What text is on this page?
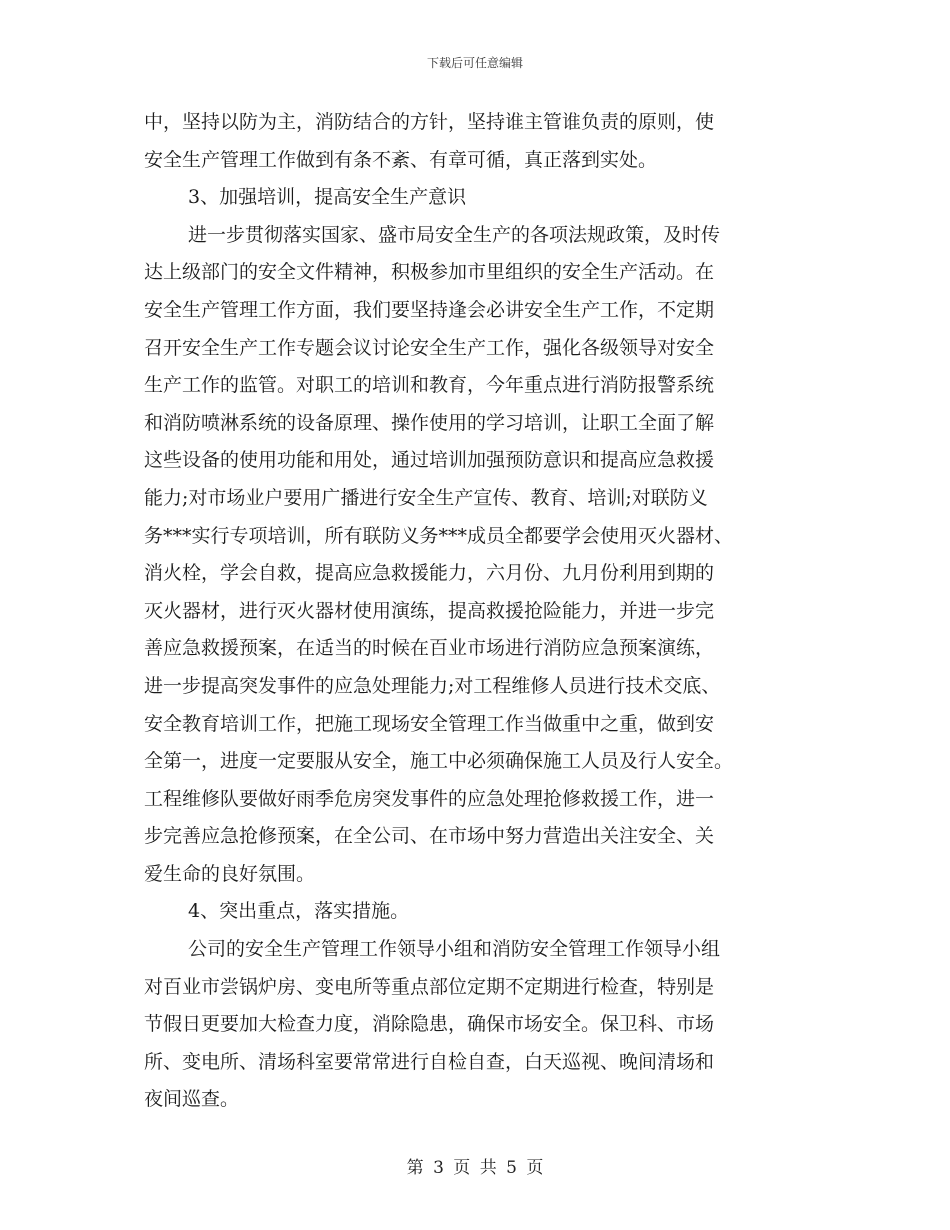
下载后可任意编辑
中，坚持以防为主，消防结合的方针，坚持谁主管谁负责的原则，使
安全生产管理工作做到有条不紊、有章可循，真正落到实处。
3、加强培训，提高安全生产意识
进一步贯彻落实国家、盛市局安全生产的各项法规政策，及时传
达上级部门的安全文件精神，积极参加市里组织的安全生产活动。在
安全生产管理工作方面，我们要坚持逢会必讲安全生产工作，不定期
召开安全生产工作专题会议讨论安全生产工作，强化各级领导对安全
生产工作的监管。对职工的培训和教育，今年重点进行消防报警系统
和消防喷淋系统的设备原理、操作使用的学习培训，让职工全面了解
这些设备的使用功能和用处，通过培训加强预防意识和提高应急救援
能力;对市场业户要用广播进行安全生产宣传、教育、培训;对联防义
务***实行专项培训，所有联防义务***成员全都要学会使用灭火器材、
消火栓，学会自救，提高应急救援能力，六月份、九月份利用到期的
灭火器材，进行灭火器材使用演练，提高救援抢险能力，并进一步完
善应急救援预案，在适当的时候在百业市场进行消防应急预案演练，
进一步提高突发事件的应急处理能力;对工程维修人员进行技术交底、
安全教育培训工作，把施工现场安全管理工作当做重中之重，做到安
全第一，进度一定要服从安全，施工中必须确保施工人员及行人安全。
工程维修队要做好雨季危房突发事件的应急处理抢修救援工作，进一
步完善应急抢修预案，在全公司、在市场中努力营造出关注安全、关
爱生命的良好氛围。
4、突出重点，落实措施。
公司的安全生产管理工作领导小组和消防安全管理工作领导小组
对百业市尝锅炉房、变电所等重点部位定期不定期进行检查，特别是
节假日更要加大检查力度，消除隐患，确保市场安全。保卫科、市场
所、变电所、清场科室要常常进行自检自查，白天巡视、晚间清场和
夜间巡查。
第 3 页 共 5 页
